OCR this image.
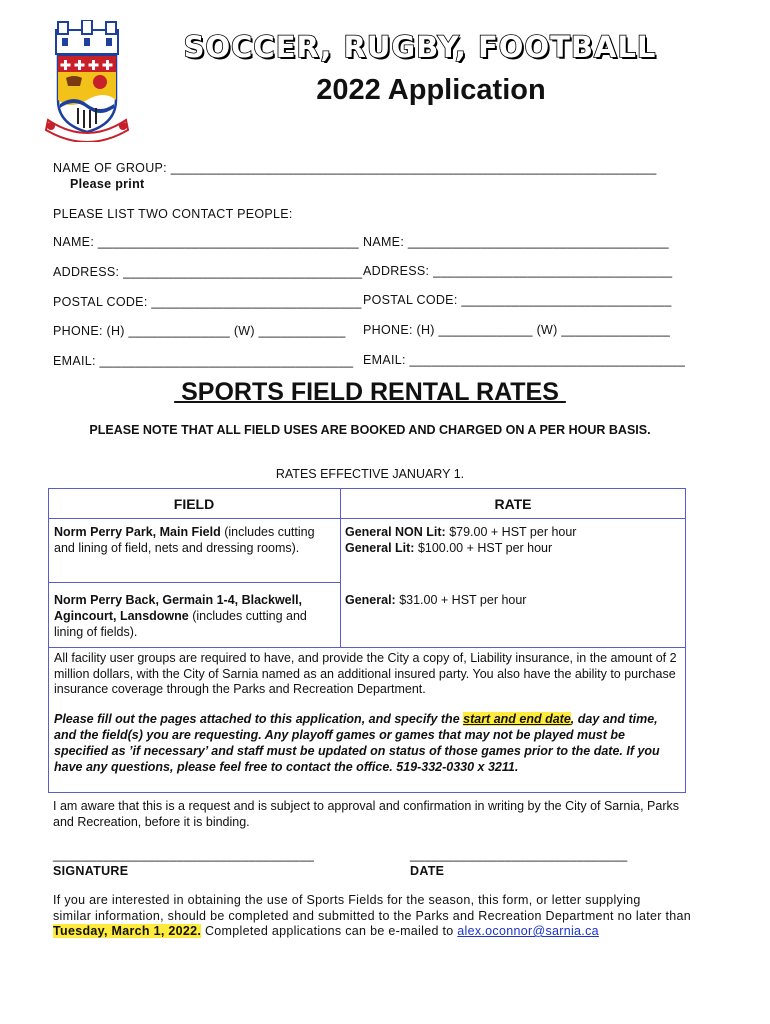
SOCCER, RUGBY, FOOTBALL
2022 Application
NAME OF GROUP: ___________________________________________________________________
Please print
PLEASE LIST TWO CONTACT PEOPLE:
NAME: ____________________________________
ADDRESS: _________________________________
POSTAL CODE: _____________________________
PHONE: (H) ______________ (W) ____________
EMAIL: ___________________________________
NAME: ____________________________________
ADDRESS: _________________________________
POSTAL CODE: _____________________________
PHONE: (H) _____________ (W) _______________
EMAIL: ______________________________________
SPORTS FIELD RENTAL RATES
PLEASE NOTE THAT ALL FIELD USES ARE BOOKED AND CHARGED ON A PER HOUR BASIS.
RATES EFFECTIVE JANUARY 1.
FIELD	RATE
Norm Perry Park, Main Field (includes cutting and lining of field, nets and dressing rooms).
General NON Lit: $79.00 + HST per hour
General Lit: $100.00 + HST per hour
Norm Perry Back, Germain 1-4, Blackwell, Agincourt, Lansdowne (includes cutting and lining of fields).
General: $31.00 + HST per hour
All facility user groups are required to have, and provide the City a copy of, Liability insurance, in the amount of 2 million dollars, with the City of Sarnia named as an additional insured party. You also have the ability to purchase insurance coverage through the Parks and Recreation Department.
Please fill out the pages attached to this application, and specify the start and end date, day and time, and the field(s) you are requesting. Any playoff games or games that may not be played must be specified as ’if necessary’ and staff must be updated on status of those games prior to the date. If you have any questions, please feel free to contact the office. 519-332-0330 x 3211.
I am aware that this is a request and is subject to approval and confirmation in writing by the City of Sarnia, Parks and Recreation, before it is binding.
____________________________________
SIGNATURE
______________________________
DATE
If you are interested in obtaining the use of Sports Fields for the season, this form, or letter supplying
similar information, should be completed and submitted to the Parks and Recreation Department no later than
Tuesday, March 1, 2022. Completed applications can be e-mailed to alex.oconnor@sarnia.ca
